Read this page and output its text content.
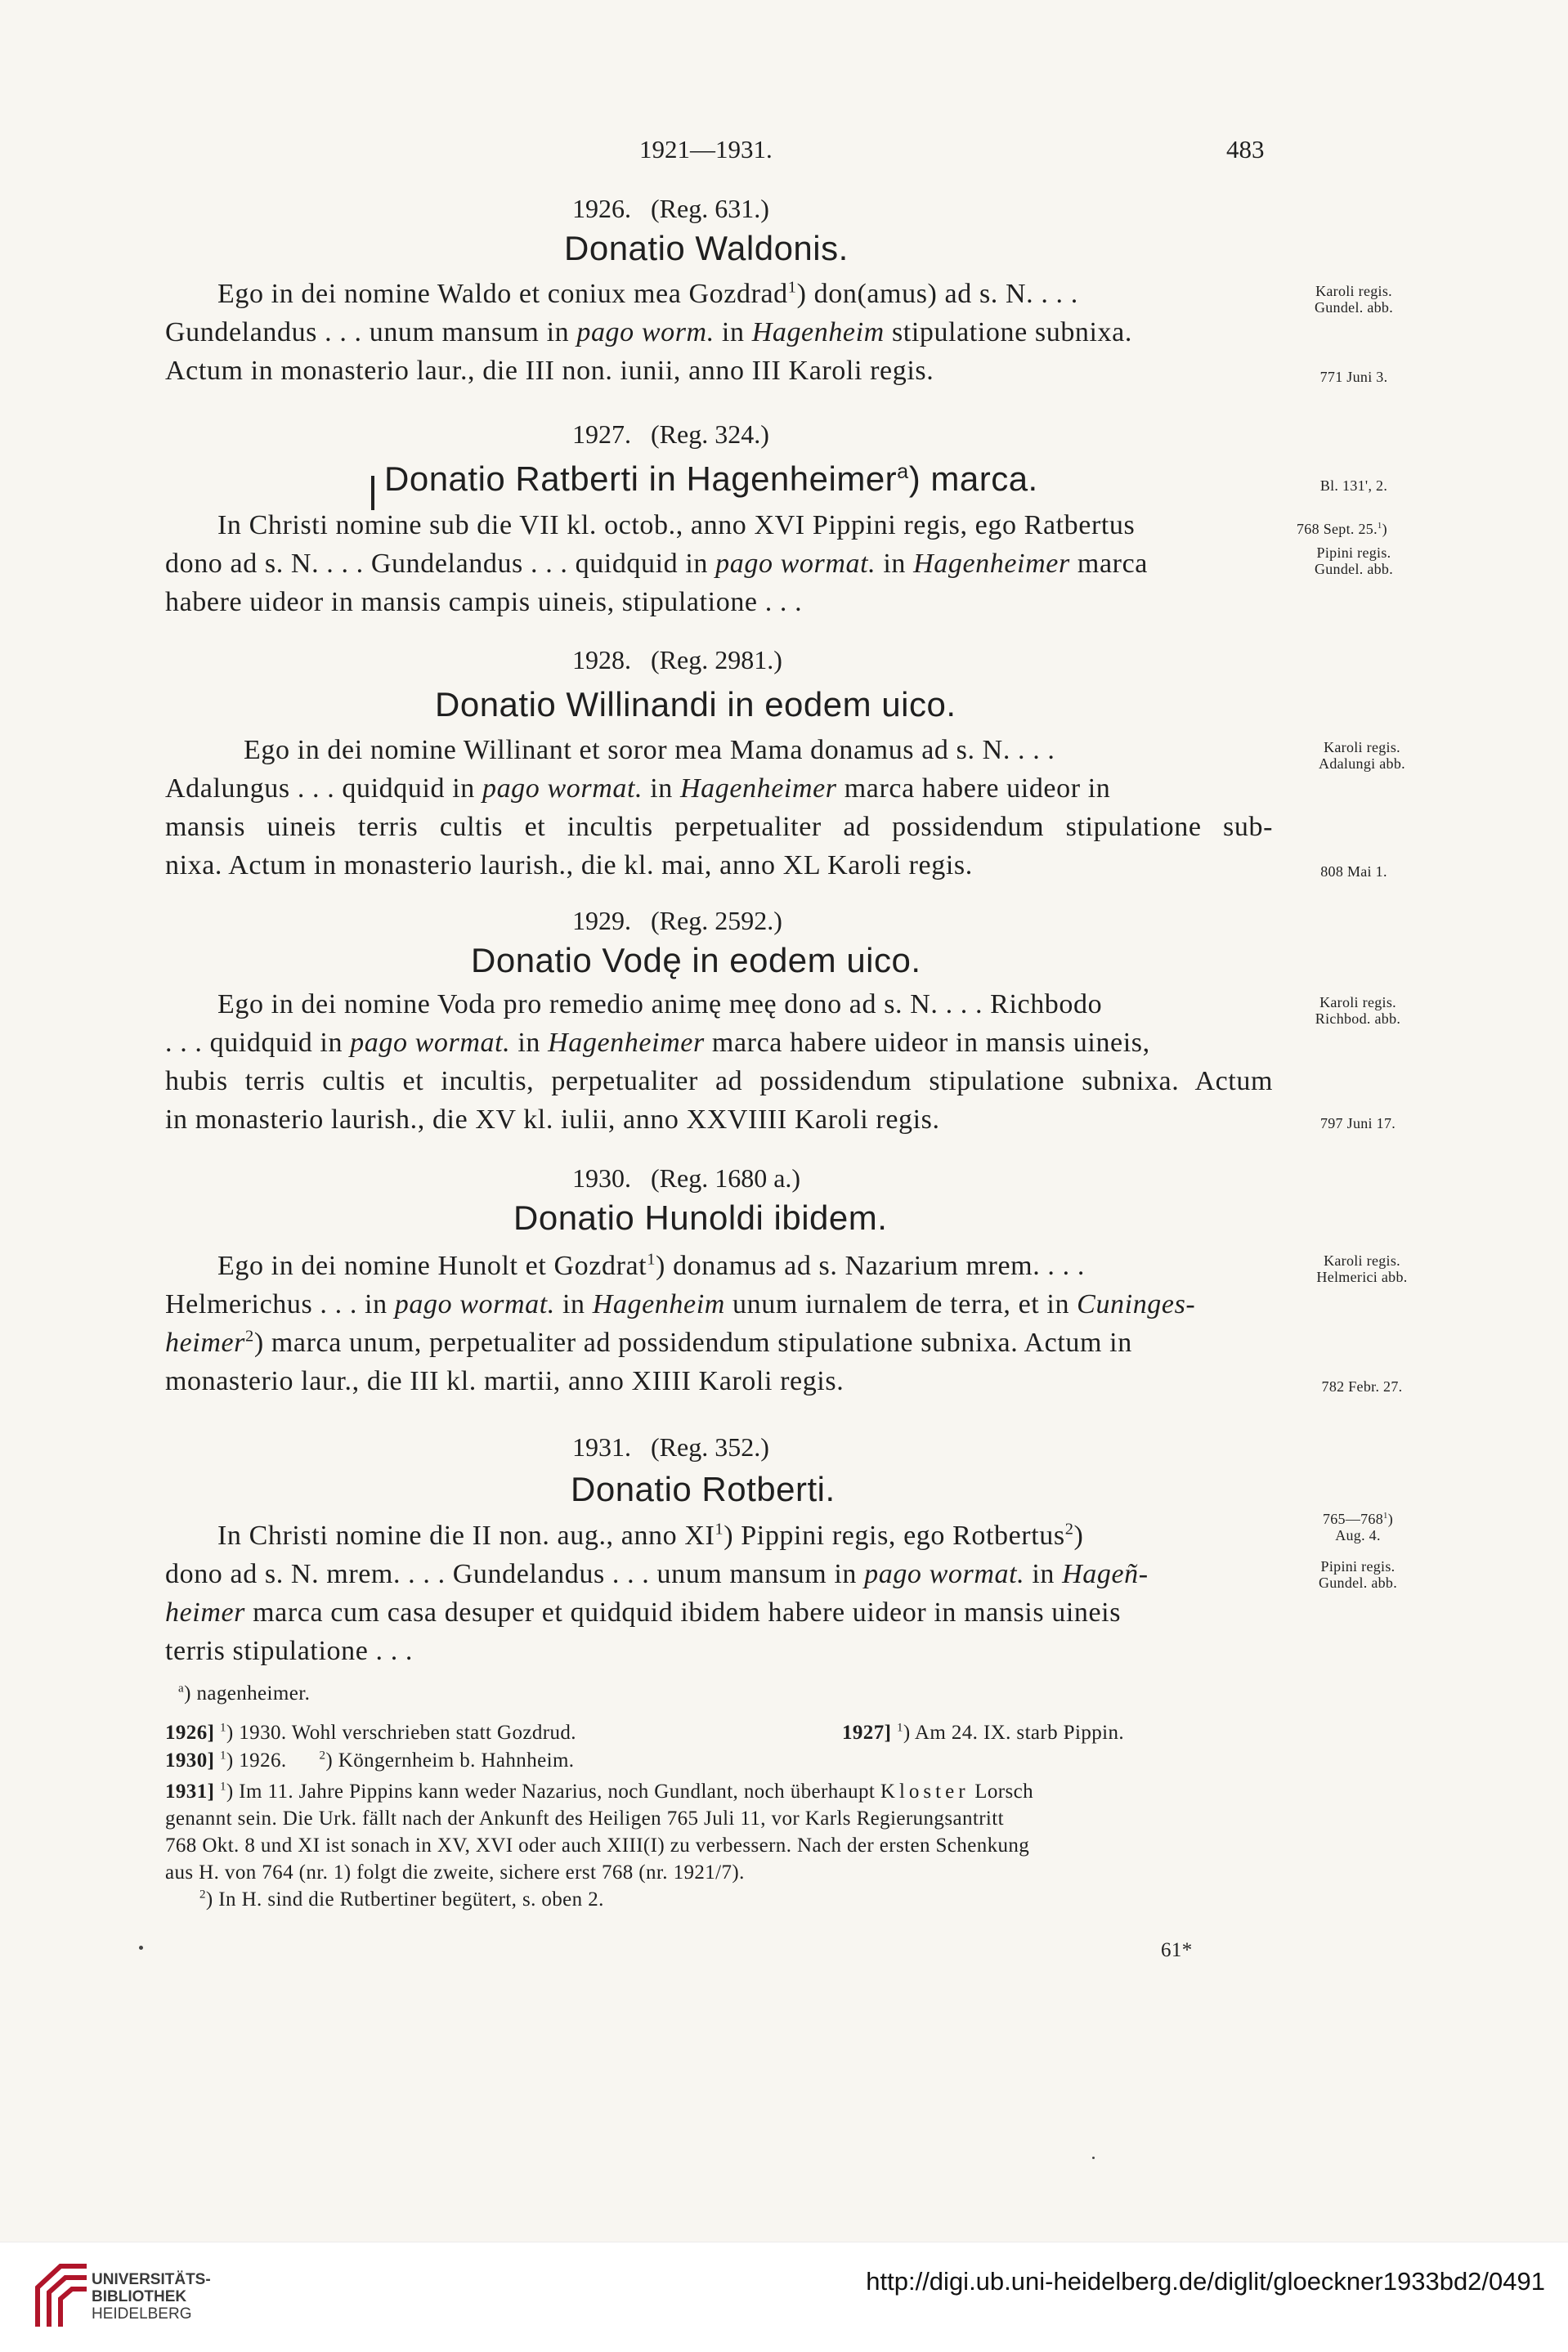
1921—1931.	483
1926. (Reg. 631.)
Donatio Waldonis.
Ego in dei nomine Waldo et coniux mea Gozdrad$^1$) don(amus) ad s. N. . . .
Gundelandus . . . unum mansum in pago worm. in Hagenheim stipulatione subnixa.
Actum in monasterio laur., die III non. iunii, anno III Karoli regis.
Karoli regis.
Gundel. abb.
771 Juni 3.
1927. (Reg. 324.)
Donatio Ratberti in Hagenheimer$^a$) marca.	Bl. 131', 2.
In Christi nomine sub die VII kl. octob., anno XVI Pippini regis, ego Ratbertus
dono ad s. N. . . . Gundelandus . . . quidquid in pago wormat. in Hagenheimer marca
habere uideor in mansis campis uineis, stipulatione . . .
768 Sept. 25.$^1$)
Pipini regis.
Gundel. abb.
1928. (Reg. 2981.)
Donatio Willinandi in eodem uico.
Ego in dei nomine Willinant et soror mea Mama donamus ad s. N. . . .
Adalungus . . . quidquid in pago wormat. in Hagenheimer marca habere uideor in
mansis uineis terris cultis et incultis perpetualiter ad possidendum stipulatione sub-
nixa. Actum in monasterio laurish., die kl. mai, anno XL Karoli regis.
Karoli regis.
Adalungi abb.
808 Mai 1.
1929. (Reg. 2592.)
Donatio Vodę in eodem uico.
Ego in dei nomine Voda pro remedio animę meę dono ad s. N. . . . Richbodo
. . . quidquid in pago wormat. in Hagenheimer marca habere uideor in mansis uineis,
hubis terris cultis et incultis, perpetualiter ad possidendum stipulatione subnixa. Actum
in monasterio laurish., die XV kl. iulii, anno XXVIIII Karoli regis.
Karoli regis.
Richbod. abb.
797 Juni 17.
1930. (Reg. 1680 a.)
Donatio Hunoldi ibidem.
Ego in dei nomine Hunolt et Gozdrat$^1$) donamus ad s. Nazarium mrem. . . .
Helmerichus . . . in pago wormat. in Hagenheim unum iurnalem de terra, et in Cuninges-
heimer$^2$) marca unum, perpetualiter ad possidendum stipulatione subnixa. Actum in
monasterio laur., die III kl. martii, anno XIIII Karoli regis.
Karoli regis.
Helmerici abb.
782 Febr. 27.
1931. (Reg. 352.)
Donatio Rotberti.
In Christi nomine die II non. aug., anno $XI^1$) Pippini regis, ego Rotbertus$^2$)
dono ad s. N. mrem. . . . Gundelandus . . . unum mansum in pago wormat. in Hageñ-
heimer marca cum casa desuper et quidquid ibidem habere uideor in mansis uineis
terris stipulatione . . .
$765—768^1$)
Aug. 4.
Pipini regis.
Gundel. abb.
$^a$) nagenheimer.
1926] $^1$) 1930. Wohl verschrieben statt Gozdrud.	1927] $^1$) Am 24. IX. starb Pippin.
1930] $^1$) 1926.	$^2$) Köngernheim b. Hahnheim.
1931] $^1$) Im 11. Jahre Pippins kann weder Nazarius, noch Gundlant, noch überhaupt Kloster Lorsch
genannt sein. Die Urk. fällt nach der Ankunft des Heiligen 765 Juli 11, vor Karls Regierungsantritt
768 Okt. 8 und XI ist sonach in XV, XVI oder auch XIII(I) zu verbessern. Nach der ersten Schenkung
aus H. von 764 (nr. 1) folgt die zweite, sichere erst 768 (nr. 1921/7).
$^2$) In H. sind die Rutbertiner begütert, s. oben 2.
61*
UNIVERSITÄTS-
BIBLIOTHEK
HEIDELBERG
http://digi.ub.uni-heidelberg.de/diglit/gloeckner1933bd2/0491
